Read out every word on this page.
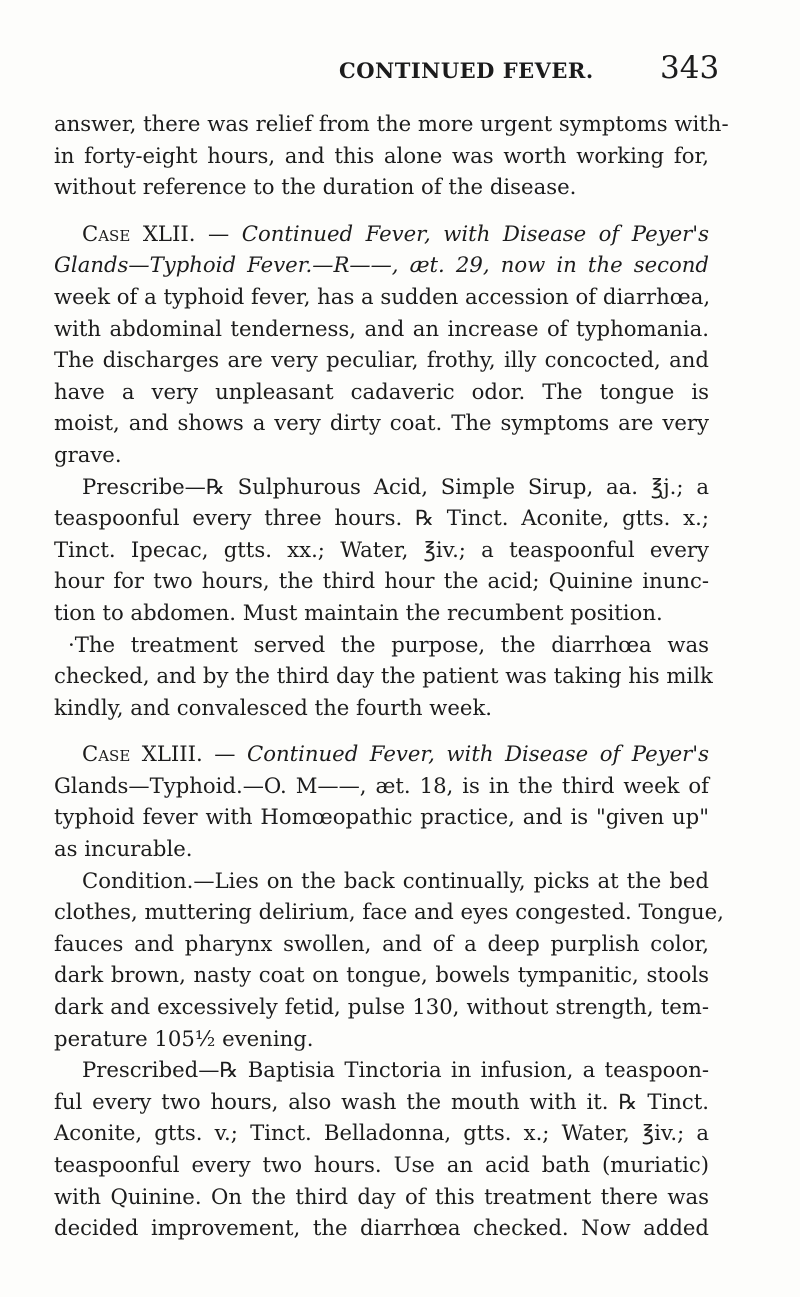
CONTINUED FEVER. 343

answer, there was relief from the more urgent symptoms with-
in forty-eight hours, and this alone was worth working for,
without reference to the duration of the disease.

Case XLII. — Continued Fever, with Disease of Peyer's
Glands—Typhoid Fever.—R——, æt. 29, now in the second
week of a typhoid fever, has a sudden accession of diarrhœa,
with abdominal tenderness, and an increase of typhomania.
The discharges are very peculiar, frothy, illy concocted, and
have a very unpleasant cadaveric odor. The tongue is
moist, and shows a very dirty coat. The symptoms are very
grave.

Prescribe—℞ Sulphurous Acid, Simple Sirup, aa. ℥j.; a
teaspoonful every three hours. ℞ Tinct. Aconite, gtts. x.;
Tinct. Ipecac, gtts. xx.; Water, ℥iv.; a teaspoonful every
hour for two hours, the third hour the acid; Quinine inunc-
tion to abdomen. Must maintain the recumbent position.

·The treatment served the purpose, the diarrhœa was
checked, and by the third day the patient was taking his milk
kindly, and convalesced the fourth week.

Case XLIII. — Continued Fever, with Disease of Peyer's
Glands—Typhoid.—O. M——, æt. 18, is in the third week of
typhoid fever with Homœopathic practice, and is "given up"
as incurable.

Condition.—Lies on the back continually, picks at the bed
clothes, muttering delirium, face and eyes congested. Tongue,
fauces and pharynx swollen, and of a deep purplish color,
dark brown, nasty coat on tongue, bowels tympanitic, stools
dark and excessively fetid, pulse 130, without strength, tem-
perature 105½ evening.

Prescribed—℞ Baptisia Tinctoria in infusion, a teaspoon-
ful every two hours, also wash the mouth with it. ℞ Tinct.
Aconite, gtts. v.; Tinct. Belladonna, gtts. x.; Water, ℥iv.; a
teaspoonful every two hours. Use an acid bath (muriatic)
with Quinine. On the third day of this treatment there was
decided improvement, the diarrhœa checked. Now added
